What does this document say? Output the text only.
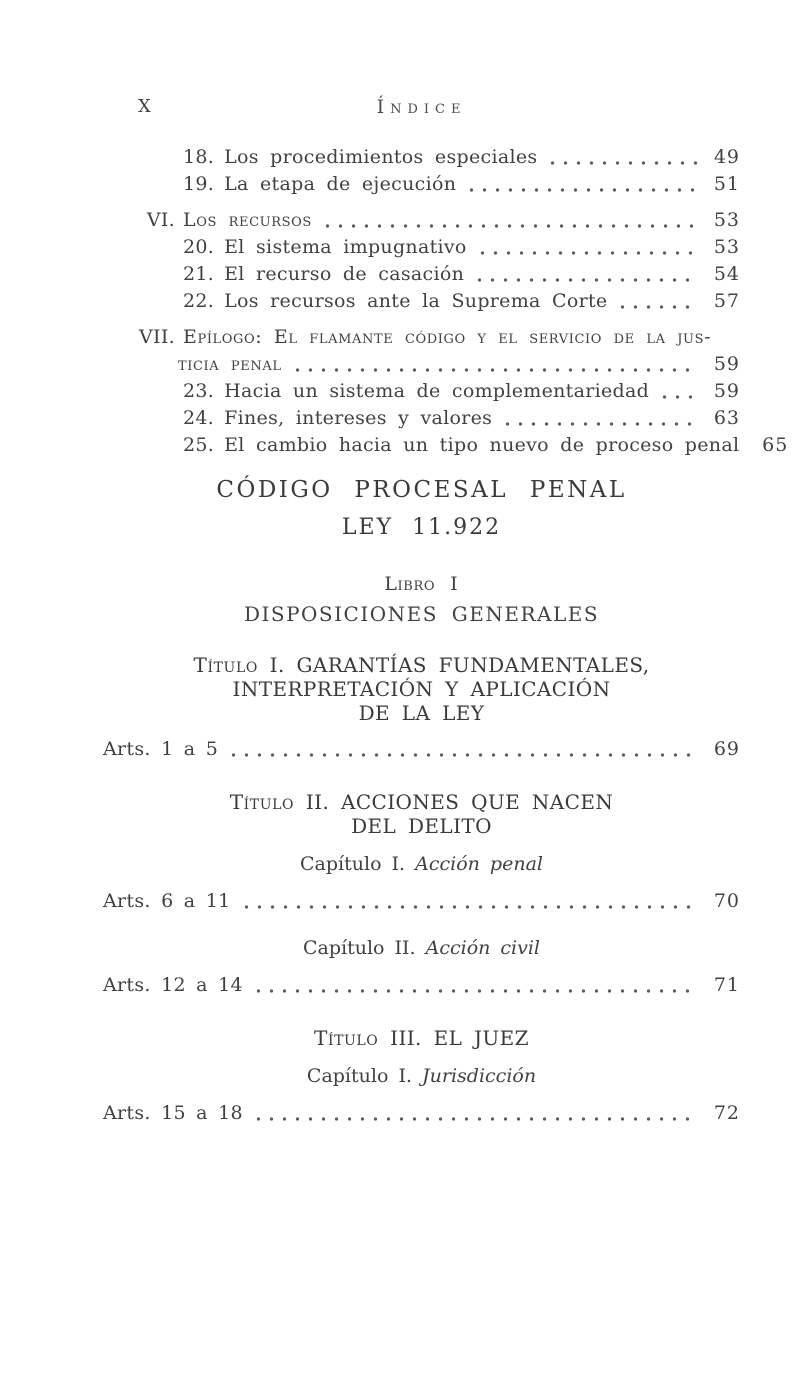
X	Índice
18. Los procedimientos especiales	49
19. La etapa de ejecución	51
VI. Los recursos	53
20. El sistema impugnativo	53
21. El recurso de casación	54
22. Los recursos ante la Suprema Corte	57
VII. Epílogo: El flamante código y el servicio de la jus-
ticia penal	59
23. Hacia un sistema de complementariedad	59
24. Fines, intereses y valores	63
25. El cambio hacia un tipo nuevo de proceso penal	65
CÓDIGO PROCESAL PENAL
LEY 11.922
Libro I
DISPOSICIONES GENERALES
Título I. GARANTÍAS FUNDAMENTALES,
INTERPRETACIÓN Y APLICACIÓN
DE LA LEY
Arts. 1 a 5	69
Título II. ACCIONES QUE NACEN
DEL DELITO
Capítulo I. Acción penal
Arts. 6 a 11	70
Capítulo II. Acción civil
Arts. 12 a 14	71
Título III. EL JUEZ
Capítulo I. Jurisdicción
Arts. 15 a 18	72
